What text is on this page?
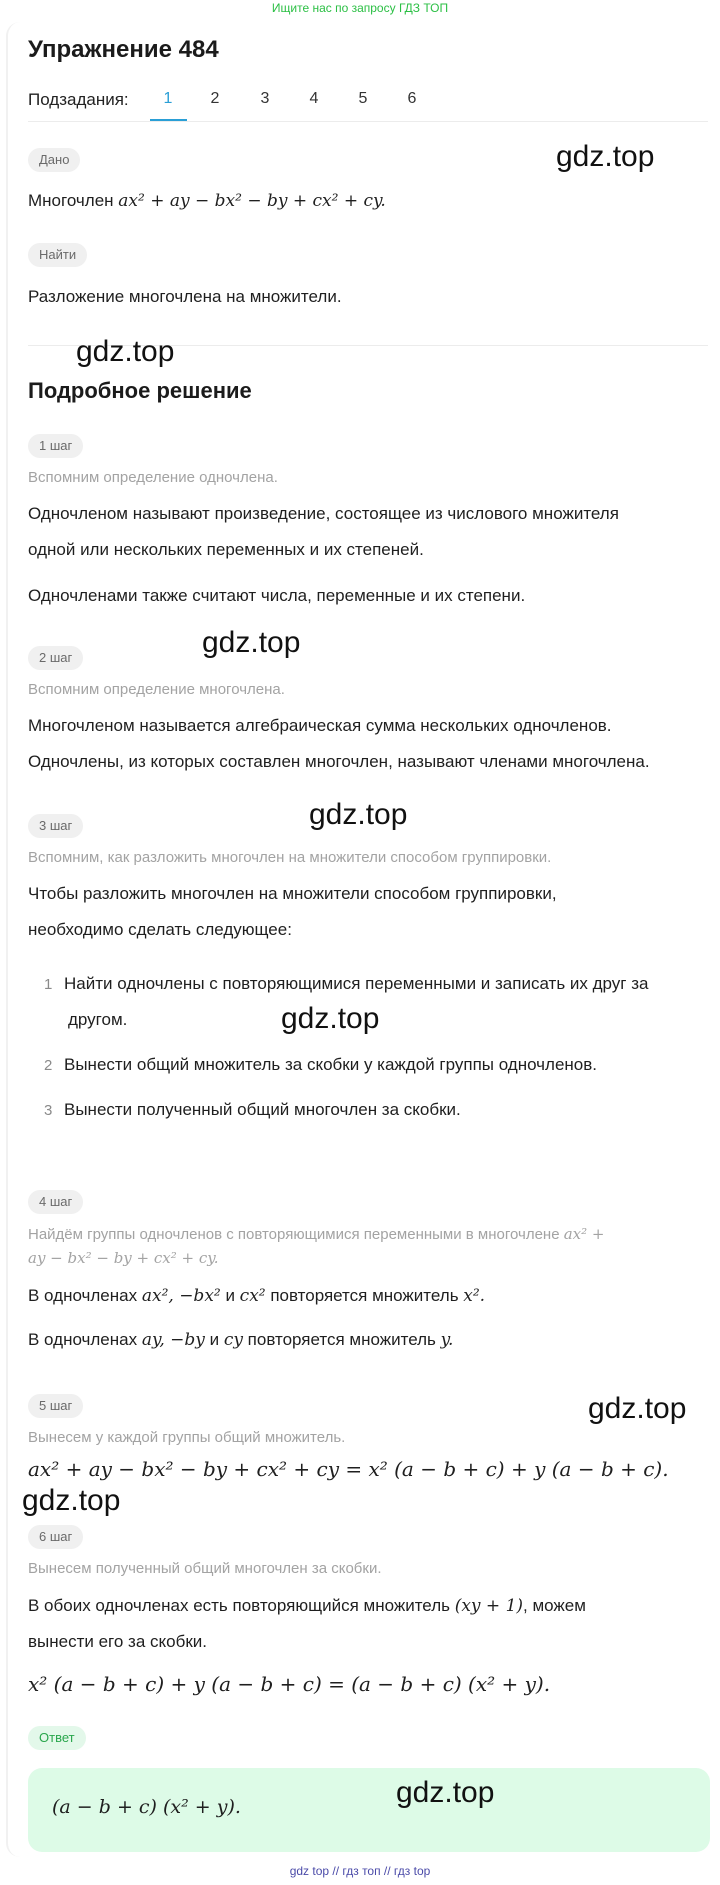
Ищите нас по запросу ГДЗ ТОП
Упражнение 484
Подзадания:	1	2	3	4	5	6
Дано
Многочлен ax² + ay − bx² − by + cx² + cy.
Найти
Разложение многочлена на множители.
Подробное решение
1 шаг
Вспомним определение одночлена.
Одночленом называют произведение, состоящее из числового множителя
одной или нескольких переменных и их степеней.
Одночленами также считают числа, переменные и их степени.
2 шаг
Вспомним определение многочлена.
Многочленом называется алгебраическая сумма нескольких одночленов.
Одночлены, из которых составлен многочлен, называют членами многочлена.
3 шаг
Вспомним, как разложить многочлен на множители способом группировки.
Чтобы разложить многочлен на множители способом группировки,
необходимо сделать следующее:
1 Найти одночлены с повторяющимися переменными и записать их друг за
другом.
2 Вынести общий множитель за скобки у каждой группы одночленов.
3 Вынести полученный общий многочлен за скобки.
4 шаг
Найдём группы одночленов с повторяющимися переменными в многочлене ax² +
ay − bx² − by + cx² + cy.
В одночленах ax², −bx² и cx² повторяется множитель x².
В одночленах ay, −by и cy повторяется множитель y.
5 шаг
Вынесем у каждой группы общий множитель.
ax² + ay − bx² − by + cx² + cy = x² (a − b + c) + y (a − b + c).
6 шаг
Вынесем полученный общий многочлен за скобки.
В обоих одночленах есть повторяющийся множитель (xy + 1), можем
вынести его за скобки.
x² (a − b + c) + y (a − b + c) = (a − b + c) (x² + y).
Ответ
(a − b + c) (x² + y).
gdz.top
gdz.top
gdz.top
gdz.top
gdz.top
gdz.top
gdz.top
gdz.top
gdz top // гдз топ // гдз top
